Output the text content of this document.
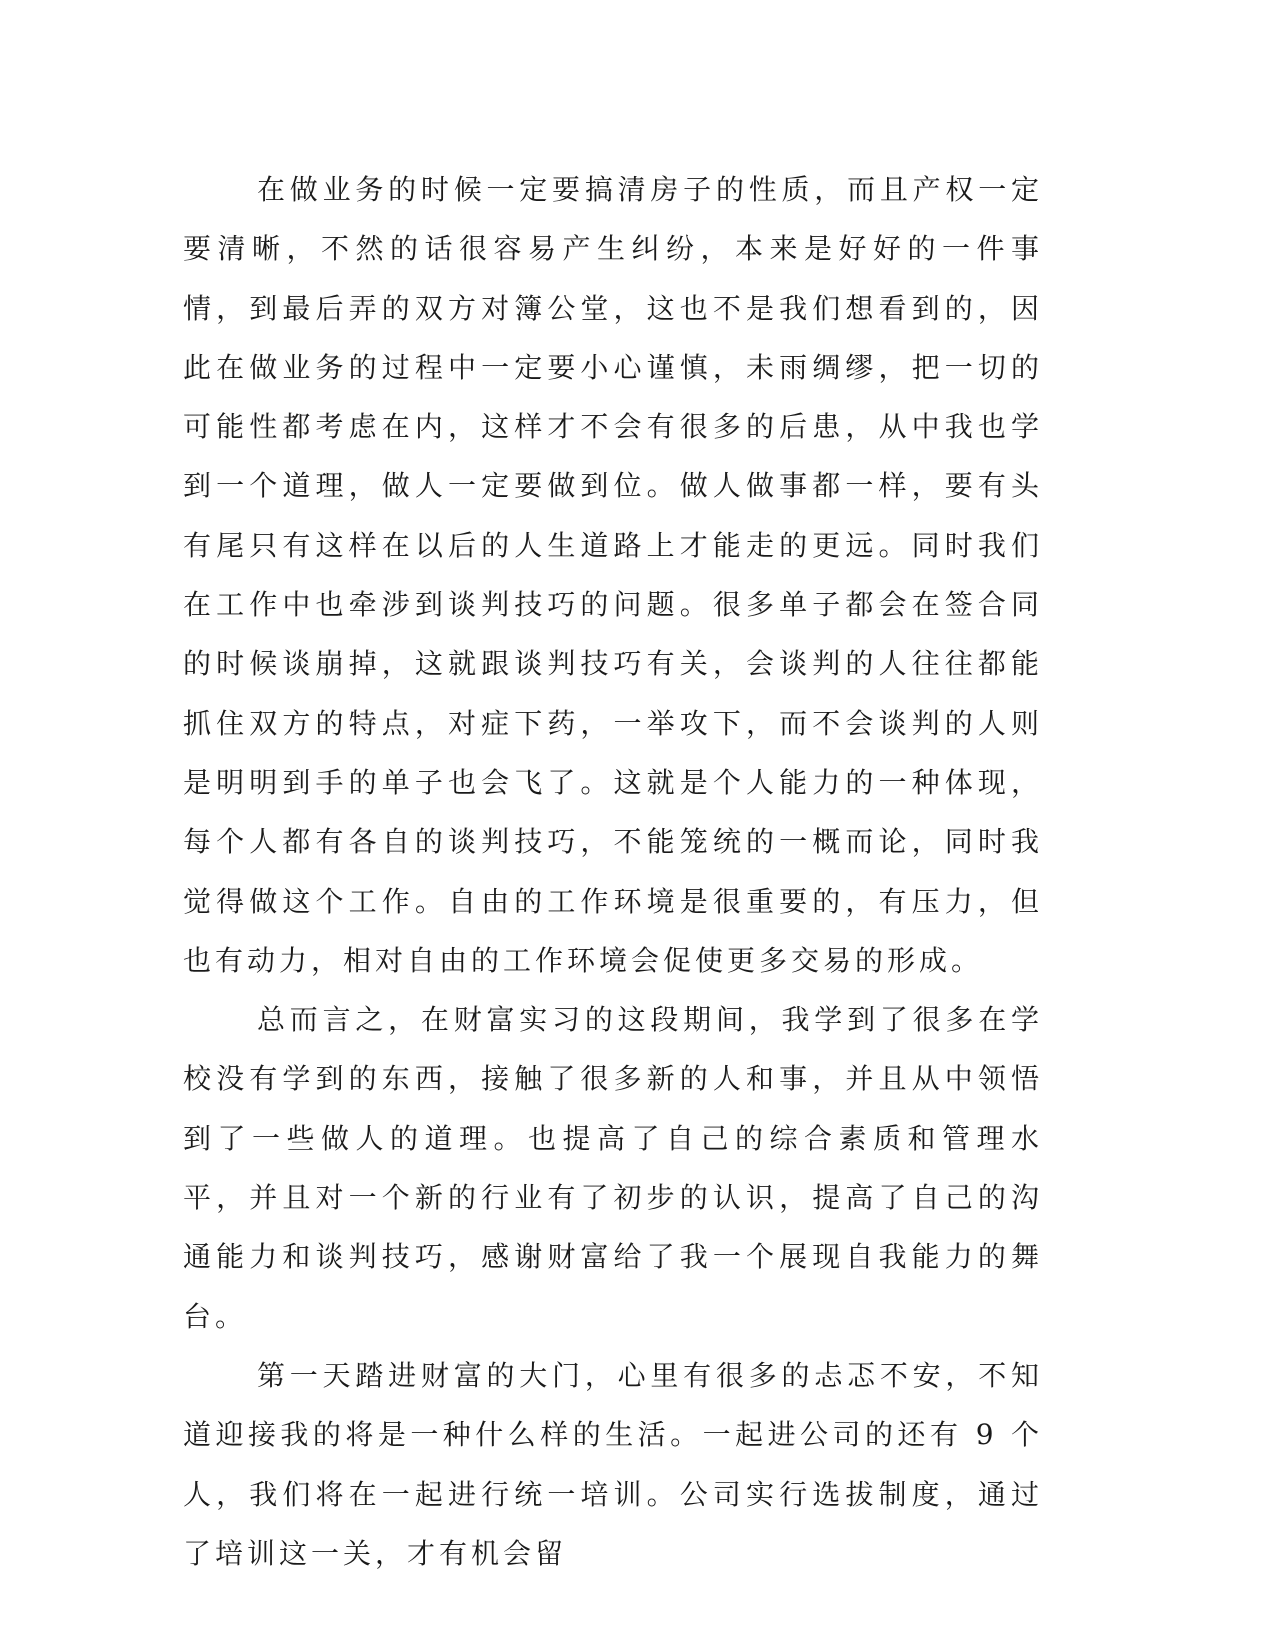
在做业务的时候一定要搞清房子的性质，而且产权一定要清晰，不然的话很容易产生纠纷，本来是好好的一件事情，到最后弄的双方对簿公堂，这也不是我们想看到的，因此在做业务的过程中一定要小心谨慎，未雨绸缪，把一切的可能性都考虑在内，这样才不会有很多的后患，从中我也学到一个道理，做人一定要做到位。做人做事都一样，要有头有尾只有这样在以后的人生道路上才能走的更远。同时我们在工作中也牵涉到谈判技巧的问题。很多单子都会在签合同的时候谈崩掉，这就跟谈判技巧有关，会谈判的人往往都能抓住双方的特点，对症下药，一举攻下，而不会谈判的人则是明明到手的单子也会飞了。这就是个人能力的一种体现，每个人都有各自的谈判技巧，不能笼统的一概而论，同时我觉得做这个工作。自由的工作环境是很重要的，有压力，但也有动力，相对自由的工作环境会促使更多交易的形成。

总而言之，在财富实习的这段期间，我学到了很多在学校没有学到的东西，接触了很多新的人和事，并且从中领悟到了一些做人的道理。也提高了自己的综合素质和管理水平，并且对一个新的行业有了初步的认识，提高了自己的沟通能力和谈判技巧，感谢财富给了我一个展现自我能力的舞台。

第一天踏进财富的大门，心里有很多的忐忑不安，不知道迎接我的将是一种什么样的生活。一起进公司的还有 9 个人，我们将在一起进行统一培训。公司实行选拔制度，通过了培训这一关，才有机会留
